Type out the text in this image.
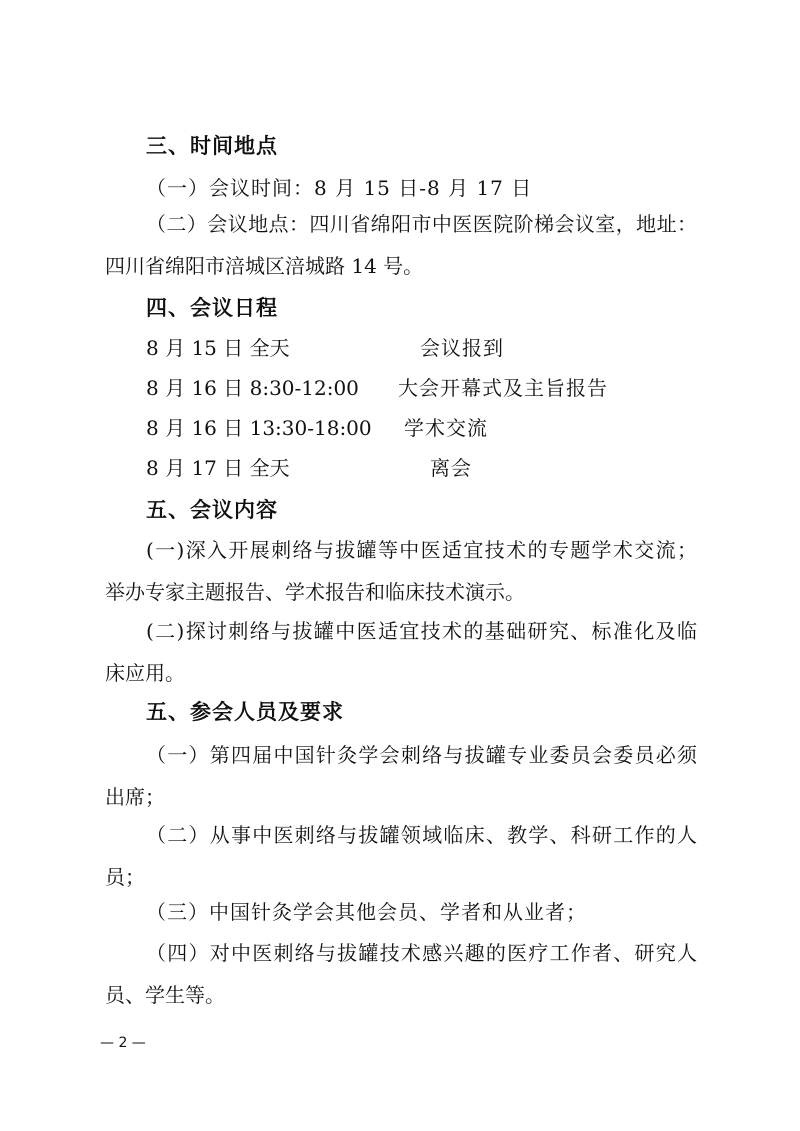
三、时间地点
（一）会议时间：8 月 15 日-8 月 17 日
（二）会议地点：四川省绵阳市中医医院阶梯会议室，地址：
四川省绵阳市涪城区涪城路 14 号。
四、会议日程
8 月 15 日 全天	会议报到
8 月 16 日 8:30-12:00 大会开幕式及主旨报告
8 月 16 日 13:30-18:00 学术交流
8 月 17 日 全天	离会
五、会议内容
(一)深入开展刺络与拔罐等中医适宜技术的专题学术交流；
举办专家主题报告、学术报告和临床技术演示。
(二)探讨刺络与拔罐中医适宜技术的基础研究、标准化及临
床应用。
五、参会人员及要求
（一）第四届中国针灸学会刺络与拔罐专业委员会委员必须
出席；
（二）从事中医刺络与拔罐领域临床、教学、科研工作的人
员；
（三）中国针灸学会其他会员、学者和从业者；
（四）对中医刺络与拔罐技术感兴趣的医疗工作者、研究人
员、学生等。
— 2 —
